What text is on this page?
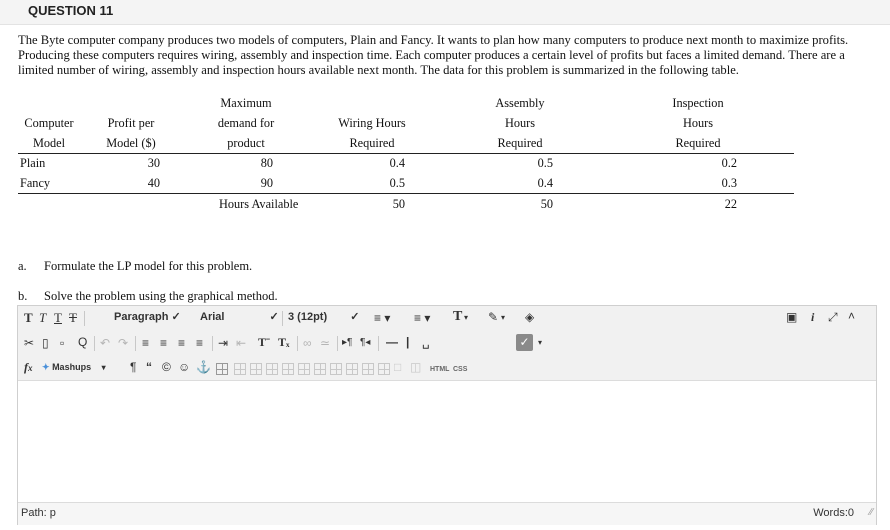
QUESTION 11
The Byte computer company produces two models of computers, Plain and Fancy. It wants to plan how many computers to produce next month to maximize profits. Producing these computers requires wiring, assembly and inspection time. Each computer produces a certain level of profits but faces a limited demand. There are a limited number of wiring, assembly and inspection hours available next month. The data for this problem is summarized in the following table.
Computer
Model
Profit per
Model ($)
Maximum
demand for
product
Wiring Hours
Required
Assembly
Hours
Required
Inspection
Hours
Required
Plain	30	80	0.4	0.5	0.2
Fancy	40	90	0.5	0.4	0.3
Hours Available	50	50	22
a. Formulate the LP model for this problem.
b. Solve the problem using the graphical method.
T T T T	Paragraph ✓ Arial	✓ 3 (12pt) ✓ ≡ ▾ ≡ ▾ T ▾ ✎ ▾ ◈	▣ i ⤢ ˄
✂ ▯ ▫ Q ↶ ↷ ≡ ≡ ≡ ≡ ⇥ ⇤ Tˉ Tₓ ∞ ≃ ▸¶ ¶◂ — | ␣	✓	▾
fx ✦ Mashups ▾ ¶ “ © ☺ ⚓	□ ◫ HTML CSS
Path: p	Words:0 ∕∕
